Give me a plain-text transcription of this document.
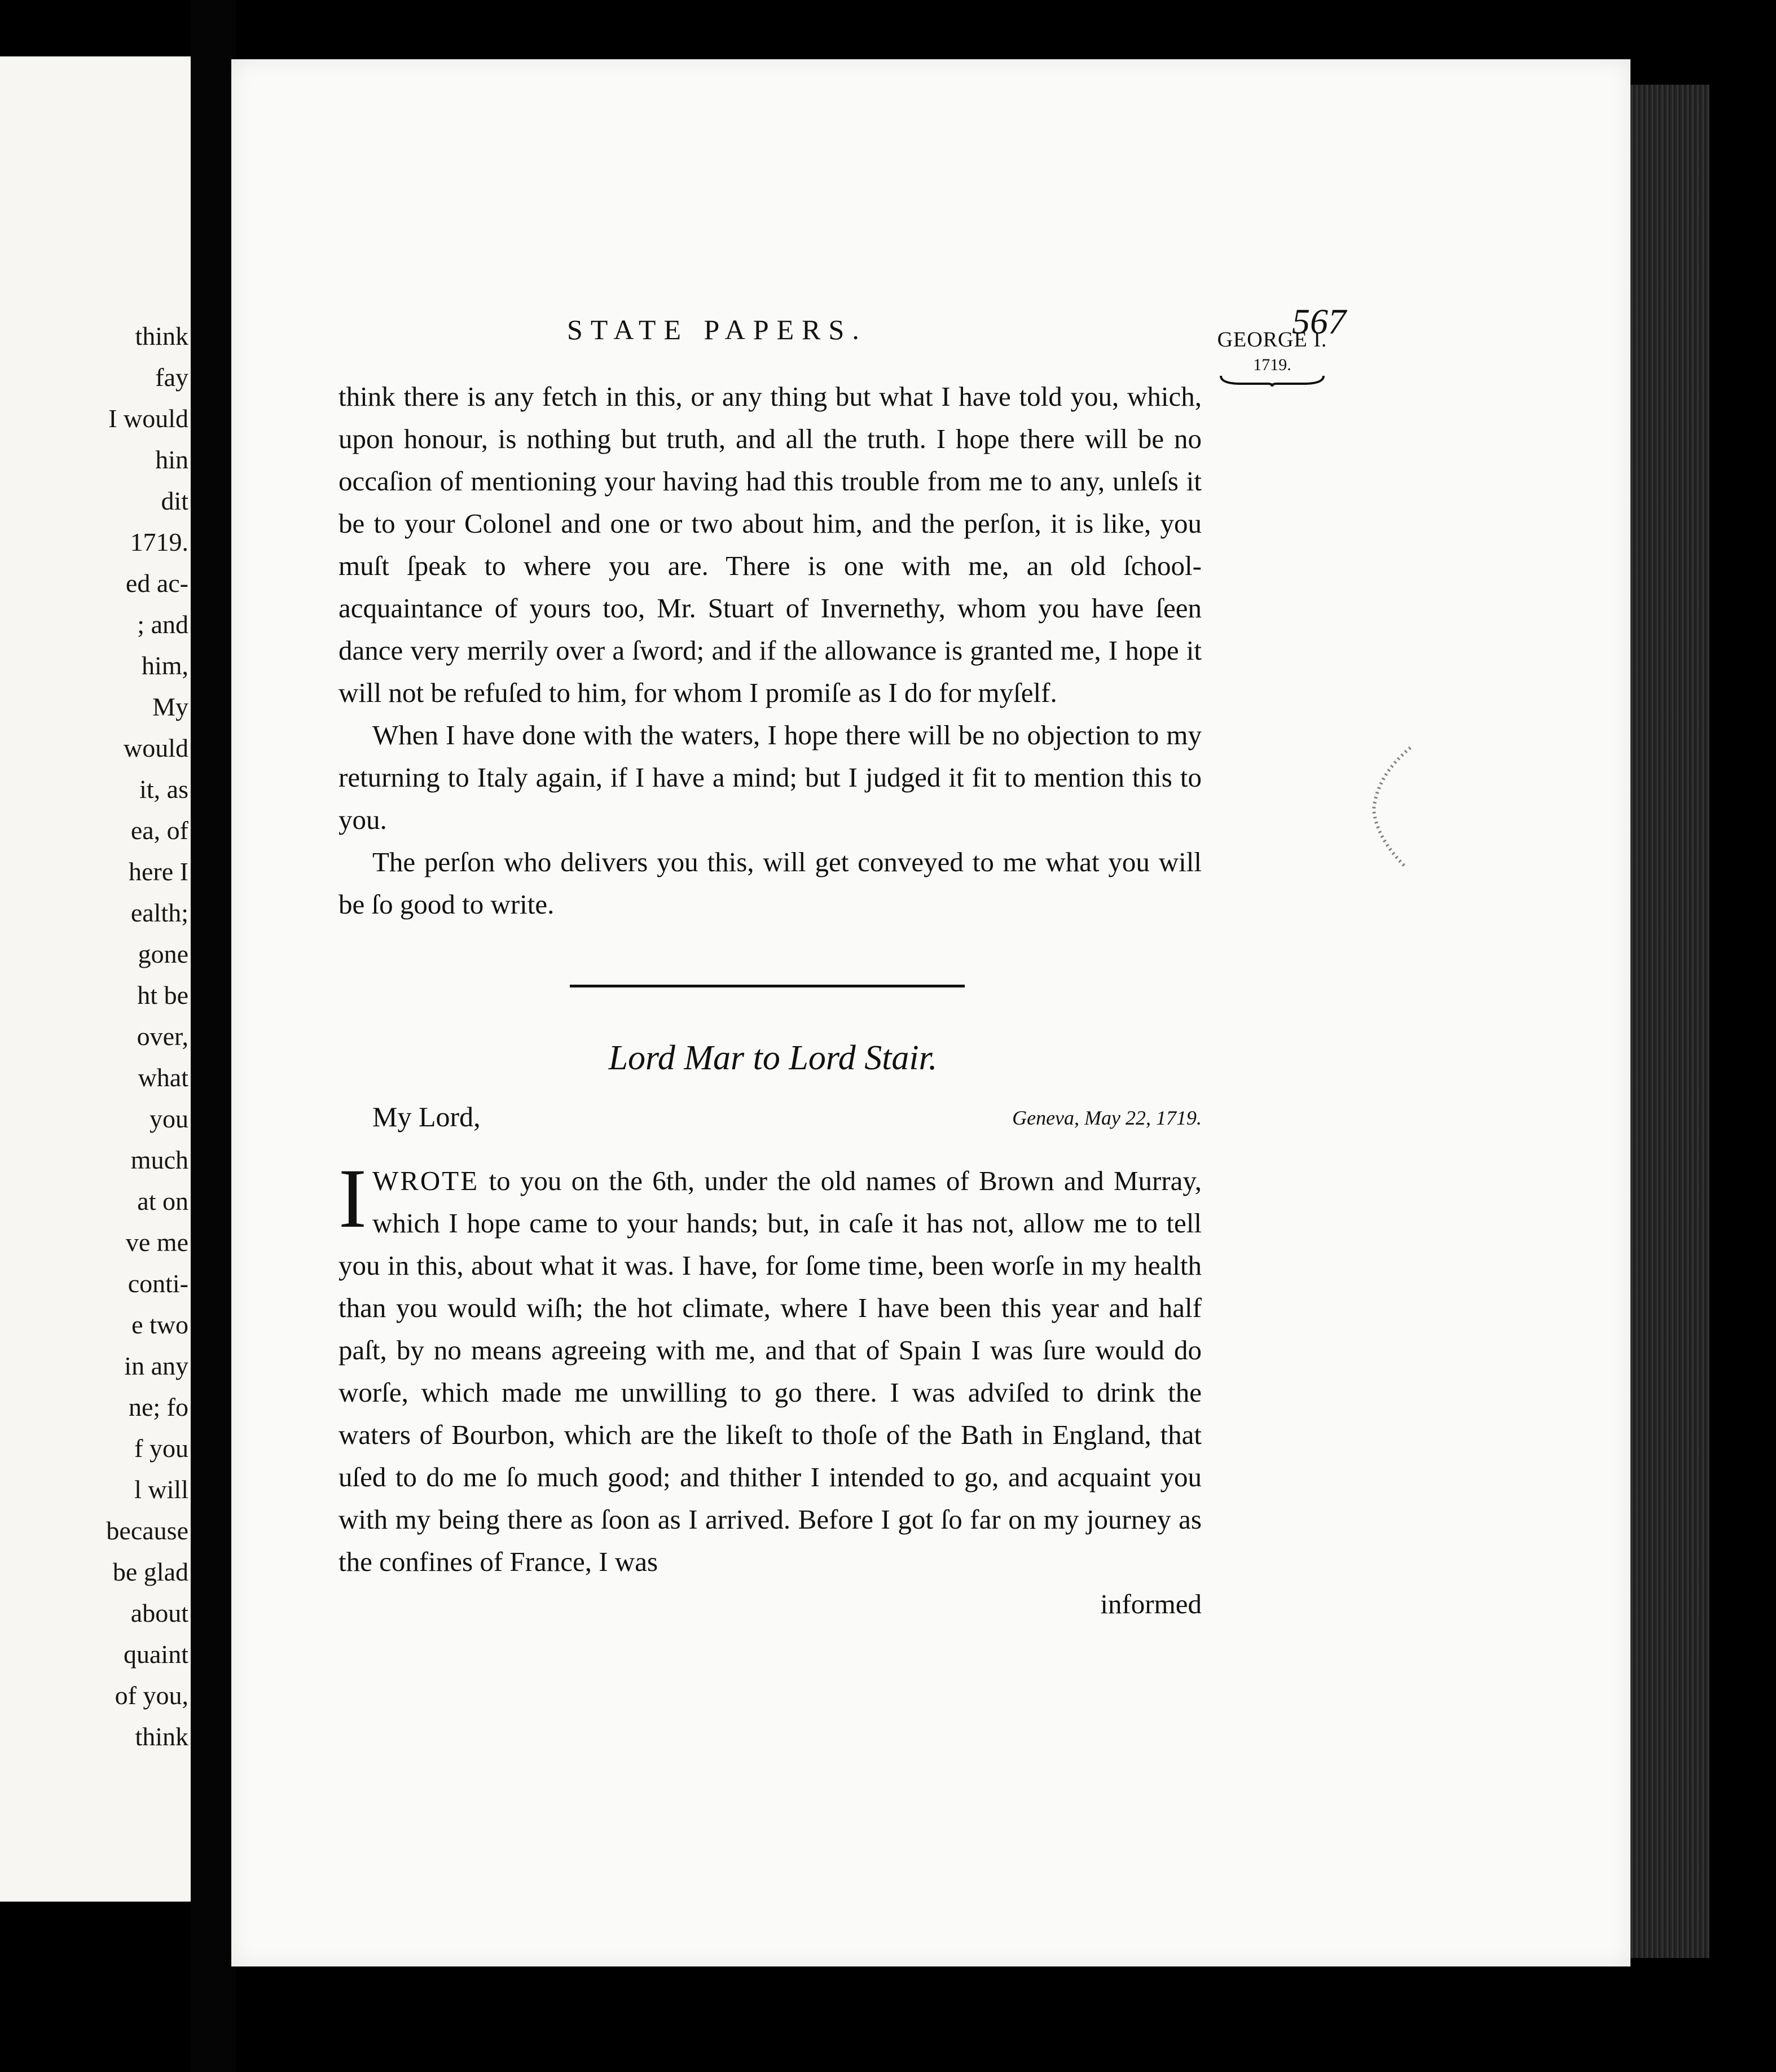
think
fay
I would
hin
dit
1719.
ed ac-
; and
him,
My
would
it, as
ea, of
here I
ealth;
gone
ht be
over,
what
you
much
at on
ve me
conti-
e two
in any
ne; fo
f you
l will
because
be glad
about
quaint
of you,
think
STATE PAPERS.	567
GEORGE I.
1719.

think there is any fetch in this, or any thing but what I have told you, which, upon honour, is nothing but truth, and all the truth. I hope there will be no occaſion of mentioning your having had this trouble from me to any, unleſs it be to your Colonel and one or two about him, and the perſon, it is like, you muſt ſpeak to where you are. There is one with me, an old ſchool-acquaintance of yours too, Mr. Stuart of Invernethy, whom you have ſeen dance very merrily over a ſword; and if the allowance is granted me, I hope it will not be refuſed to him, for whom I promiſe as I do for myſelf.

When I have done with the waters, I hope there will be no objection to my returning to Italy again, if I have a mind; but I judged it fit to mention this to you.

The perſon who delivers you this, will get conveyed to me what you will be ſo good to write.

Lord Mar to Lord Stair.
My Lord,	Geneva, May 22, 1719.

IWROTE to you on the 6th, under the old names of Brown and Murray, which I hope came to your hands; but, in caſe it has not, allow me to tell you in this, about what it was. I have, for ſome time, been worſe in my health than you would wiſh; the hot climate, where I have been this year and half paſt, by no means agreeing with me, and that of Spain I was ſure would do worſe, which made me unwilling to go there. I was adviſed to drink the waters of Bourbon, which are the likeſt to thoſe of the Bath in England, that uſed to do me ſo much good; and thither I intended to go, and acquaint you with my being there as ſoon as I arrived. Before I got ſo far on my journey as the confines of France, I was

informed
